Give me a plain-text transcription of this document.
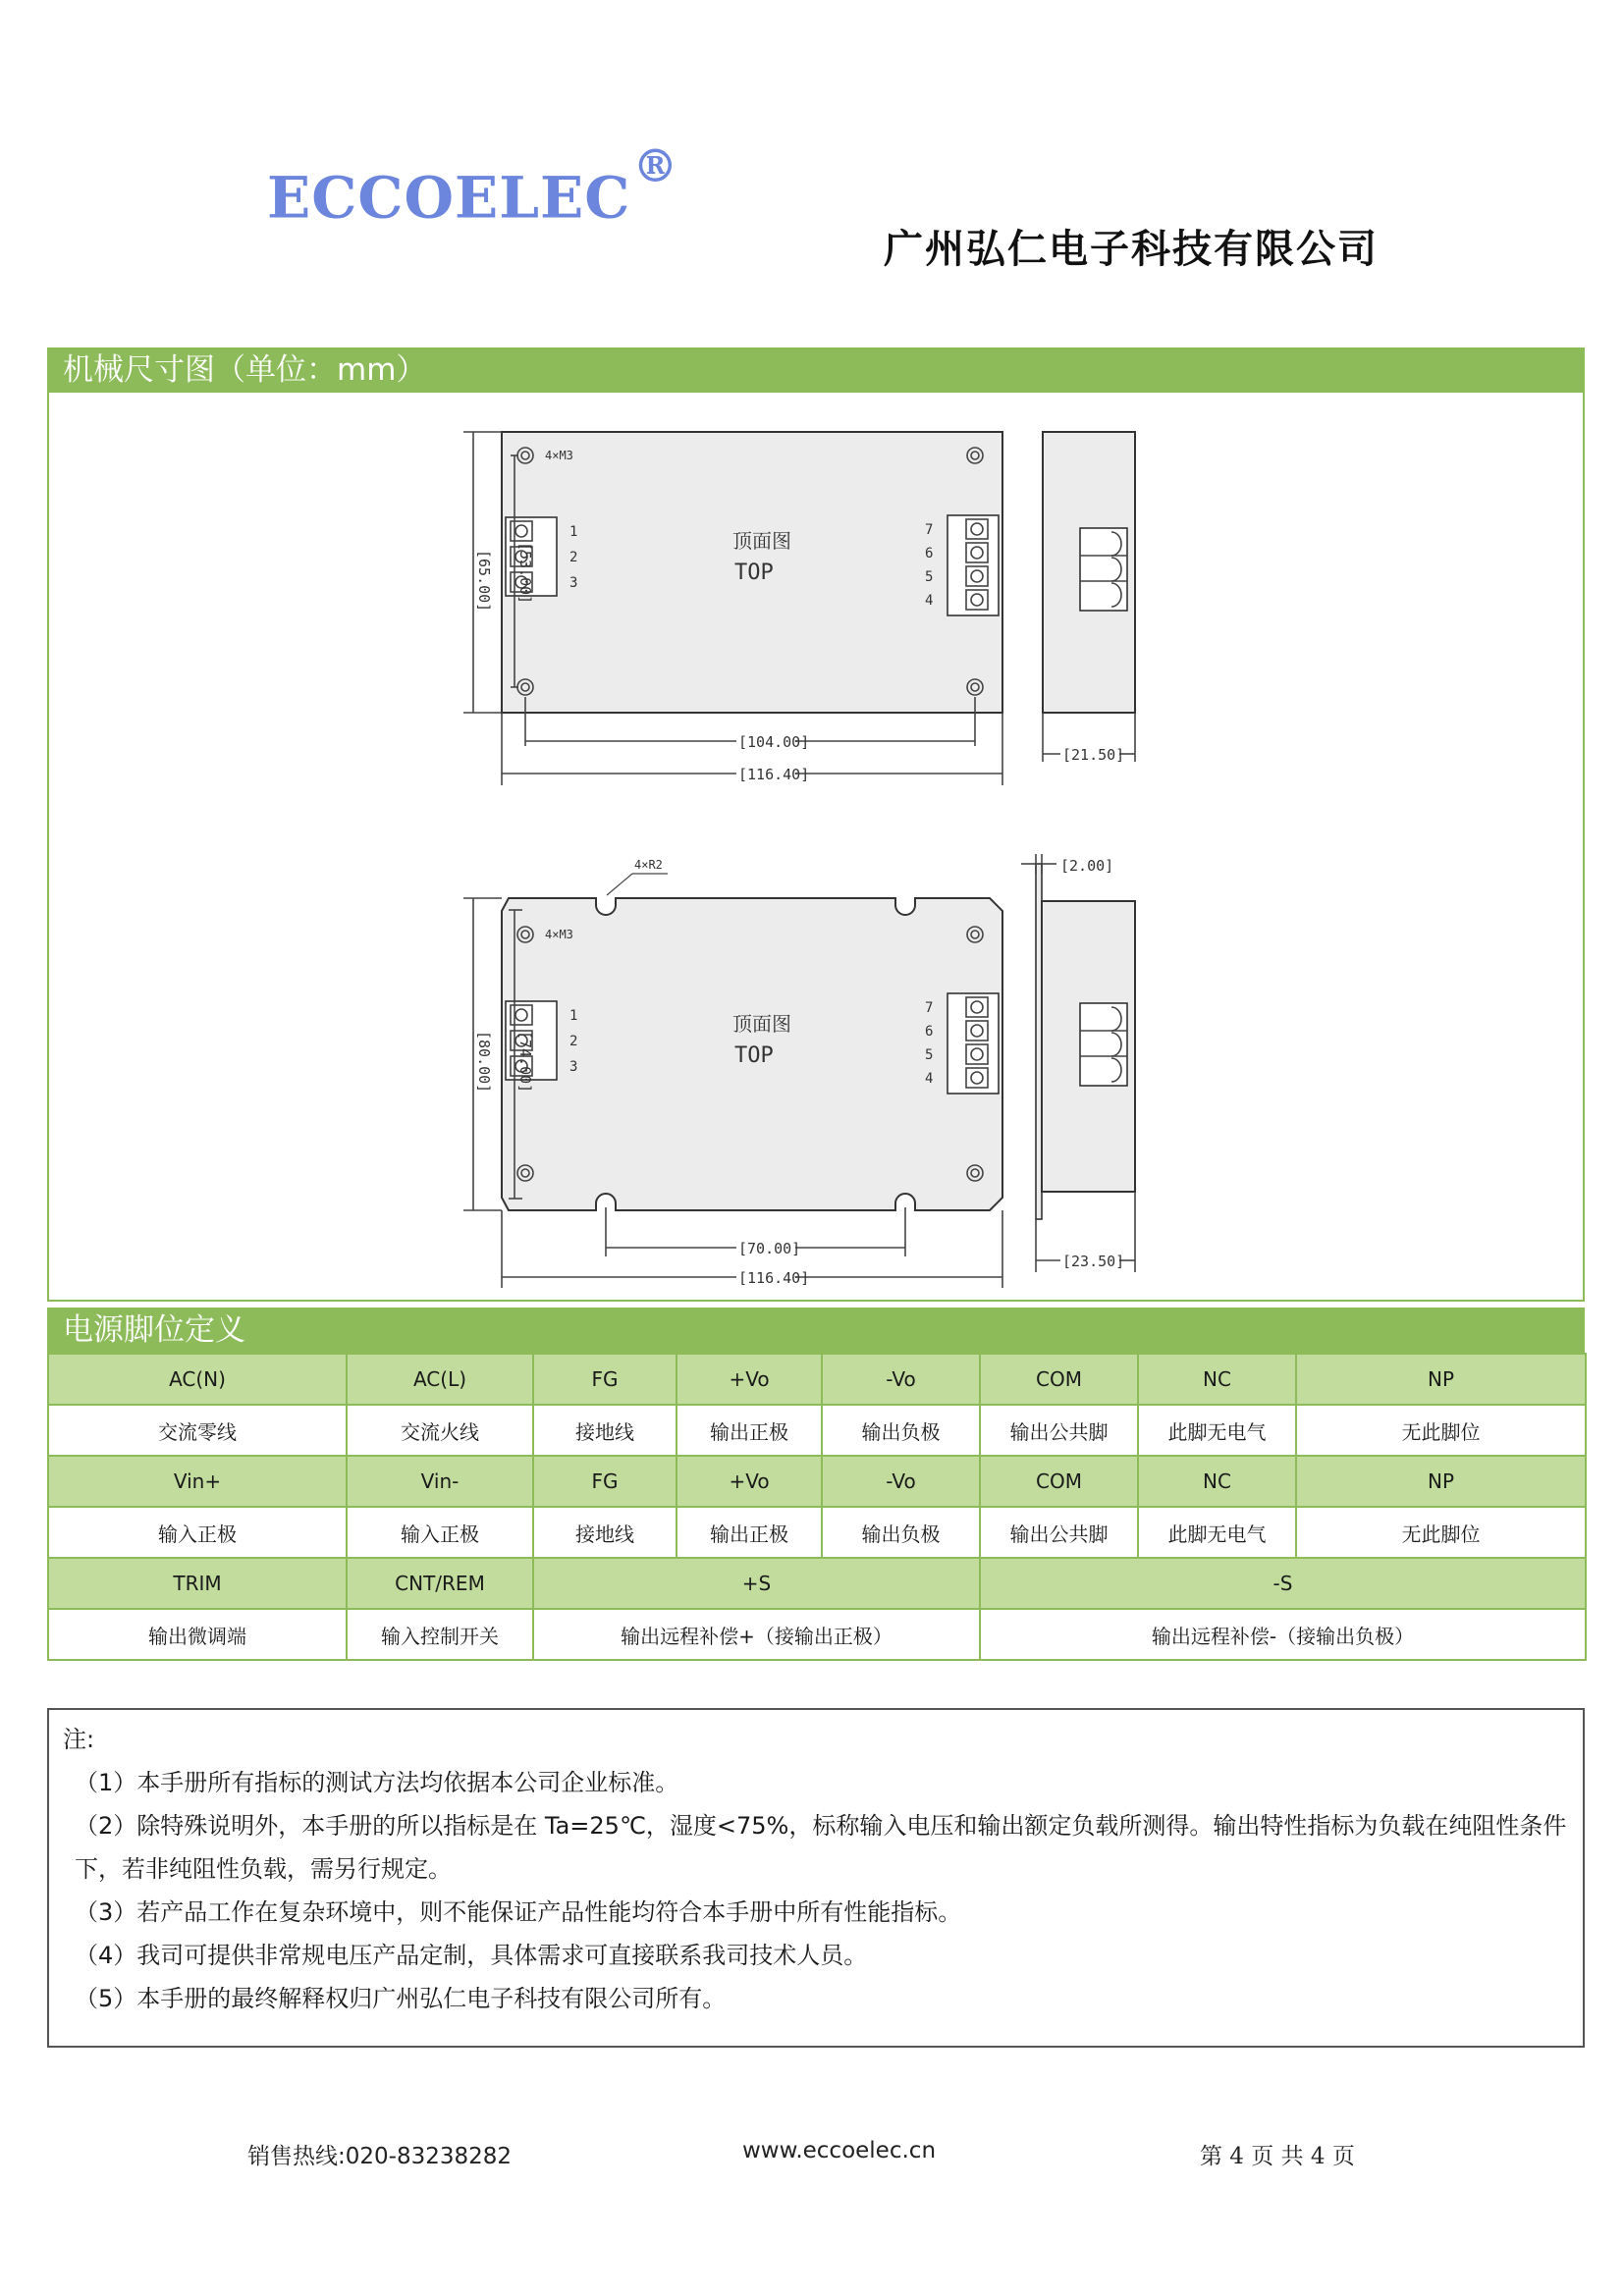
ECCOELEC®
广州弘仁电子科技有限公司
机械尺寸图（单位：mm）
4×M3
1
2
3
7
6
5
4
顶面图
TOP
[65.00] [53.00]
[104.00]
[116.40]
[21.50]
4×M3
4×R2
1
2
3
7
6
5
4
顶面图
TOP
[80.00] [74.00]
[70.00]
[116.40]
[2.00]
[23.50]
电源脚位定义
AC(N)	AC(L)	FG	+Vo	-Vo	COM	NC	NP
交流零线	交流火线	接地线	输出正极	输出负极	输出公共脚	此脚无电气	无此脚位
Vin+	Vin-	FG	+Vo	-Vo	COM	NC	NP
输入正极	输入正极	接地线	输出正极	输出负极	输出公共脚	此脚无电气	无此脚位
TRIM	CNT/REM	+S			-S		
输出微调端	输入控制开关	输出远程补偿+（接输出正极）			输出远程补偿-（接输出负极）		

注:

（1）本手册所有指标的测试方法均依据本公司企业标准。

（2）除特殊说明外，本手册的所以指标是在 Ta=25℃，湿度<75%，标称输入电压和输出额定负载所测得。输出特性指标为负载在纯阻性条件下，若非纯阻性负载，需另行规定。

（3）若产品工作在复杂环境中，则不能保证产品性能均符合本手册中所有性能指标。

（4）我司可提供非常规电压产品定制，具体需求可直接联系我司技术人员。

（5）本手册的最终解释权归广州弘仁电子科技有限公司所有。

销售热线:020-83238282	www.eccoelec.cn	第 4 页 共 4 页
